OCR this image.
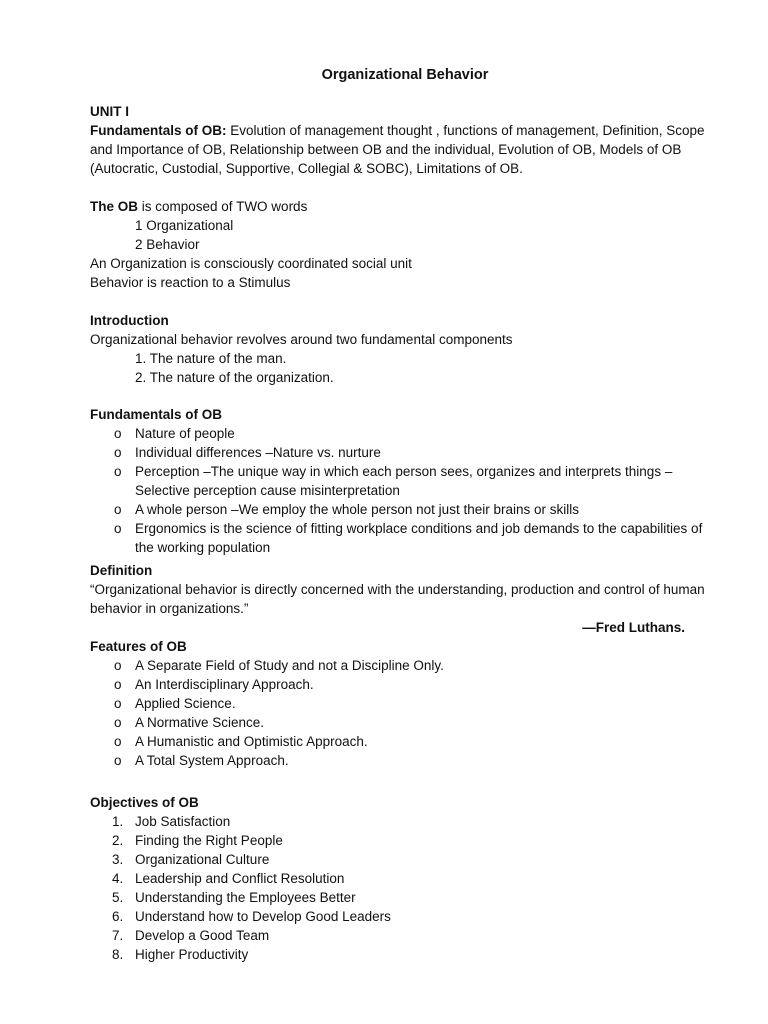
Organizational Behavior

UNIT I

Fundamentals of OB: Evolution of management thought , functions of management, Definition, Scope and Importance of OB, Relationship between OB and the individual, Evolution of OB, Models of OB (Autocratic, Custodial, Supportive, Collegial & SOBC), Limitations of OB.

The OB is composed of TWO words

1 Organizational

2 Behavior

An Organization is consciously coordinated social unit

Behavior is reaction to a Stimulus

Introduction

Organizational behavior revolves around two fundamental components

1. The nature of the man.

2. The nature of the organization.

Fundamentals of OB

o Nature of people
o Individual differences –Nature vs. nurture
o Perception –The unique way in which each person sees, organizes and interprets things – Selective perception cause misinterpretation
o A whole person –We employ the whole person not just their brains or skills
o Ergonomics is the science of fitting workplace conditions and job demands to the capabilities of the working population

Definition

“Organizational behavior is directly concerned with the understanding, production and control of human behavior in organizations.”

—Fred Luthans.

Features of OB

o A Separate Field of Study and not a Discipline Only.
o An Interdisciplinary Approach.
o Applied Science.
o A Normative Science.
o A Humanistic and Optimistic Approach.
o A Total System Approach.

Objectives of OB

1. Job Satisfaction
2. Finding the Right People
3. Organizational Culture
4. Leadership and Conflict Resolution
5. Understanding the Employees Better
6. Understand how to Develop Good Leaders
7. Develop a Good Team
8. Higher Productivity
